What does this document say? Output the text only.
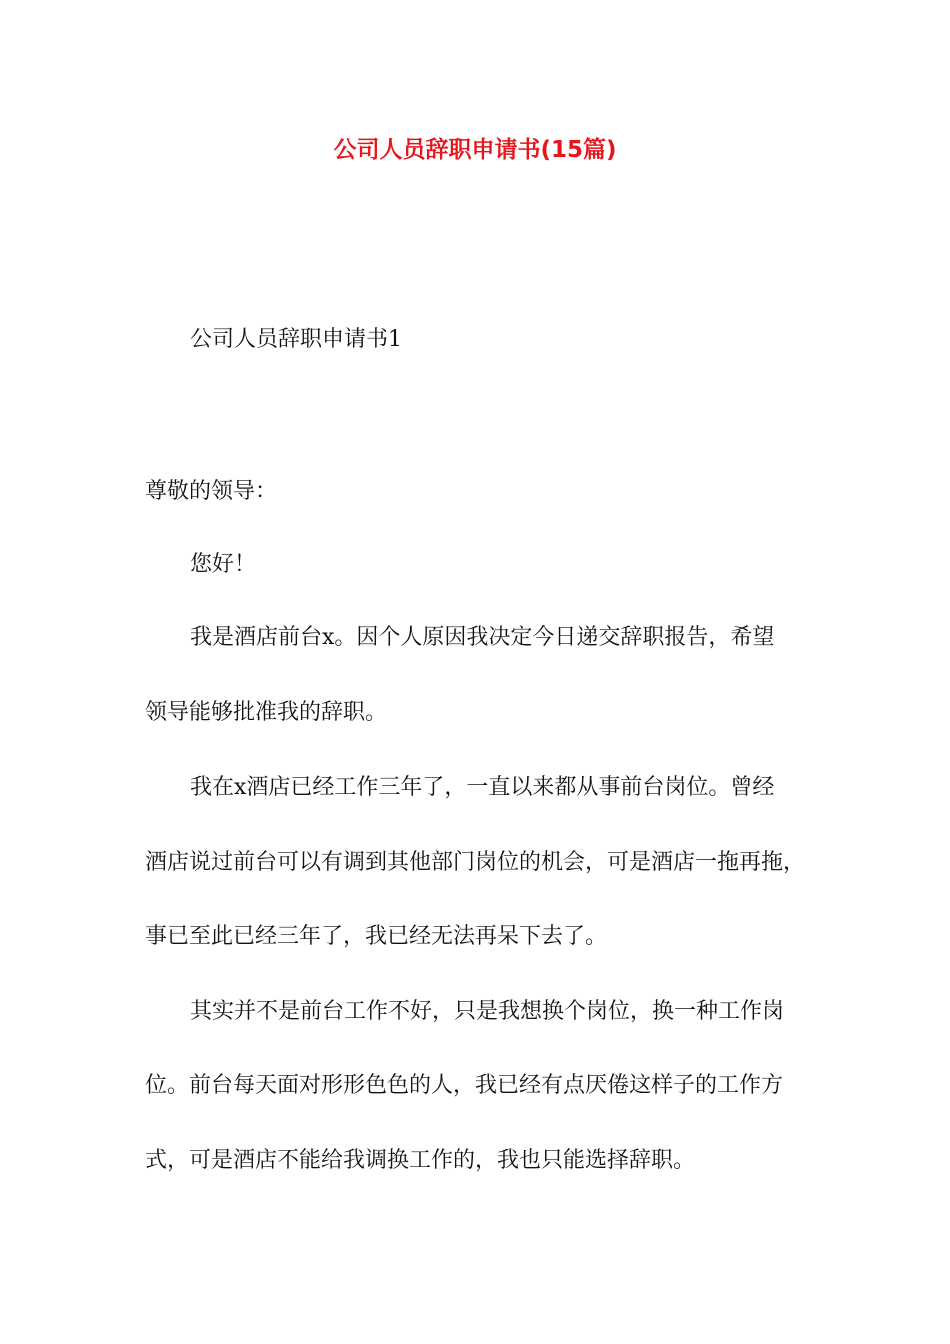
公司人员辞职申请书(15篇)
公司人员辞职申请书1
尊敬的领导：
您好！
我是酒店前台x。因个人原因我决定今日递交辞职报告，希望
领导能够批准我的辞职。
我在x酒店已经工作三年了，一直以来都从事前台岗位。曾经
酒店说过前台可以有调到其他部门岗位的机会，可是酒店一拖再拖，
事已至此已经三年了，我已经无法再呆下去了。
其实并不是前台工作不好，只是我想换个岗位，换一种工作岗
位。前台每天面对形形色色的人，我已经有点厌倦这样子的工作方
式，可是酒店不能给我调换工作的，我也只能选择辞职。
